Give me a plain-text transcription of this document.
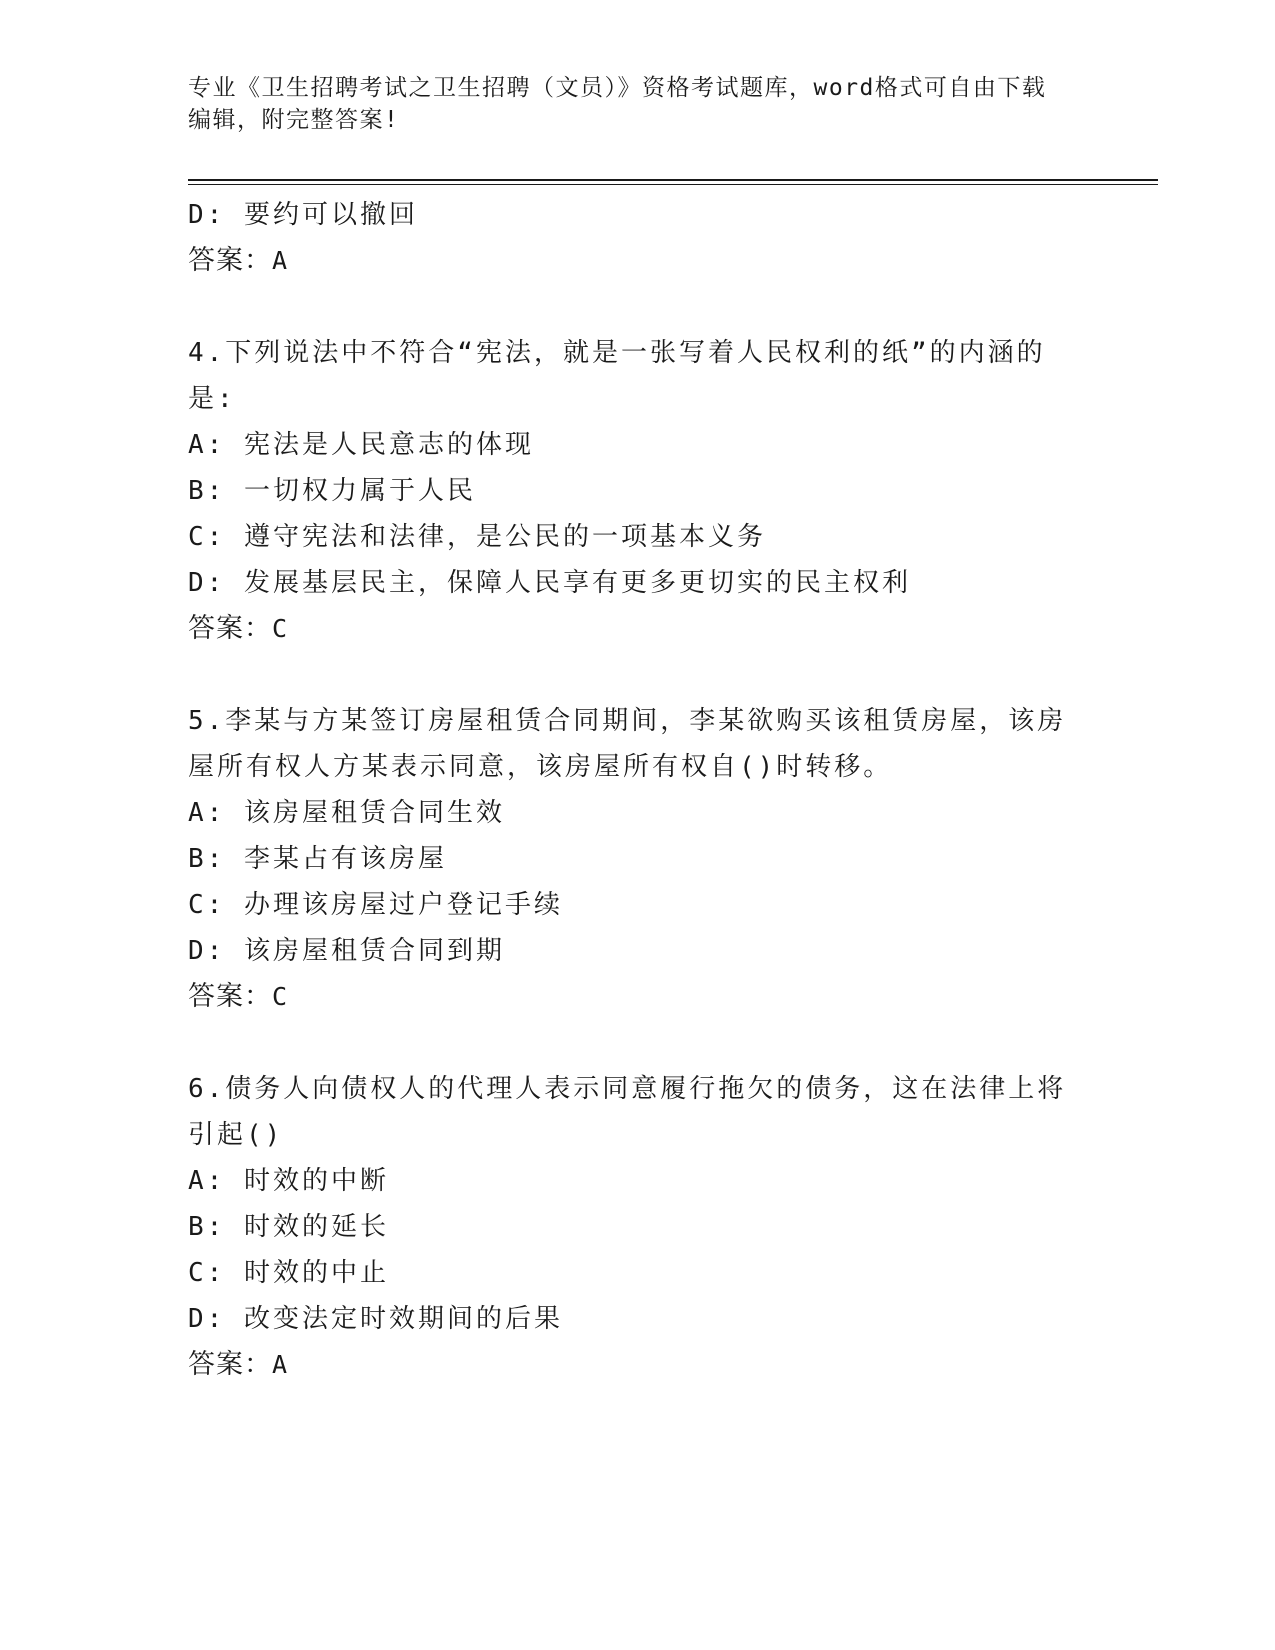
专业《卫生招聘考试之卫生招聘（文员）》资格考试题库，word格式可自由下载
编辑，附完整答案!
D: 要约可以撤回
答案：A
4.下列说法中不符合“宪法，就是一张写着人民权利的纸”的内涵的
是:
A: 宪法是人民意志的体现
B: 一切权力属于人民
C: 遵守宪法和法律，是公民的一项基本义务
D: 发展基层民主，保障人民享有更多更切实的民主权利
答案：C
5.李某与方某签订房屋租赁合同期间，李某欲购买该租赁房屋，该房
屋所有权人方某表示同意，该房屋所有权自()时转移。
A: 该房屋租赁合同生效
B: 李某占有该房屋
C: 办理该房屋过户登记手续
D: 该房屋租赁合同到期
答案：C
6.债务人向债权人的代理人表示同意履行拖欠的债务，这在法律上将
引起()
A: 时效的中断
B: 时效的延长
C: 时效的中止
D: 改变法定时效期间的后果
答案：A
